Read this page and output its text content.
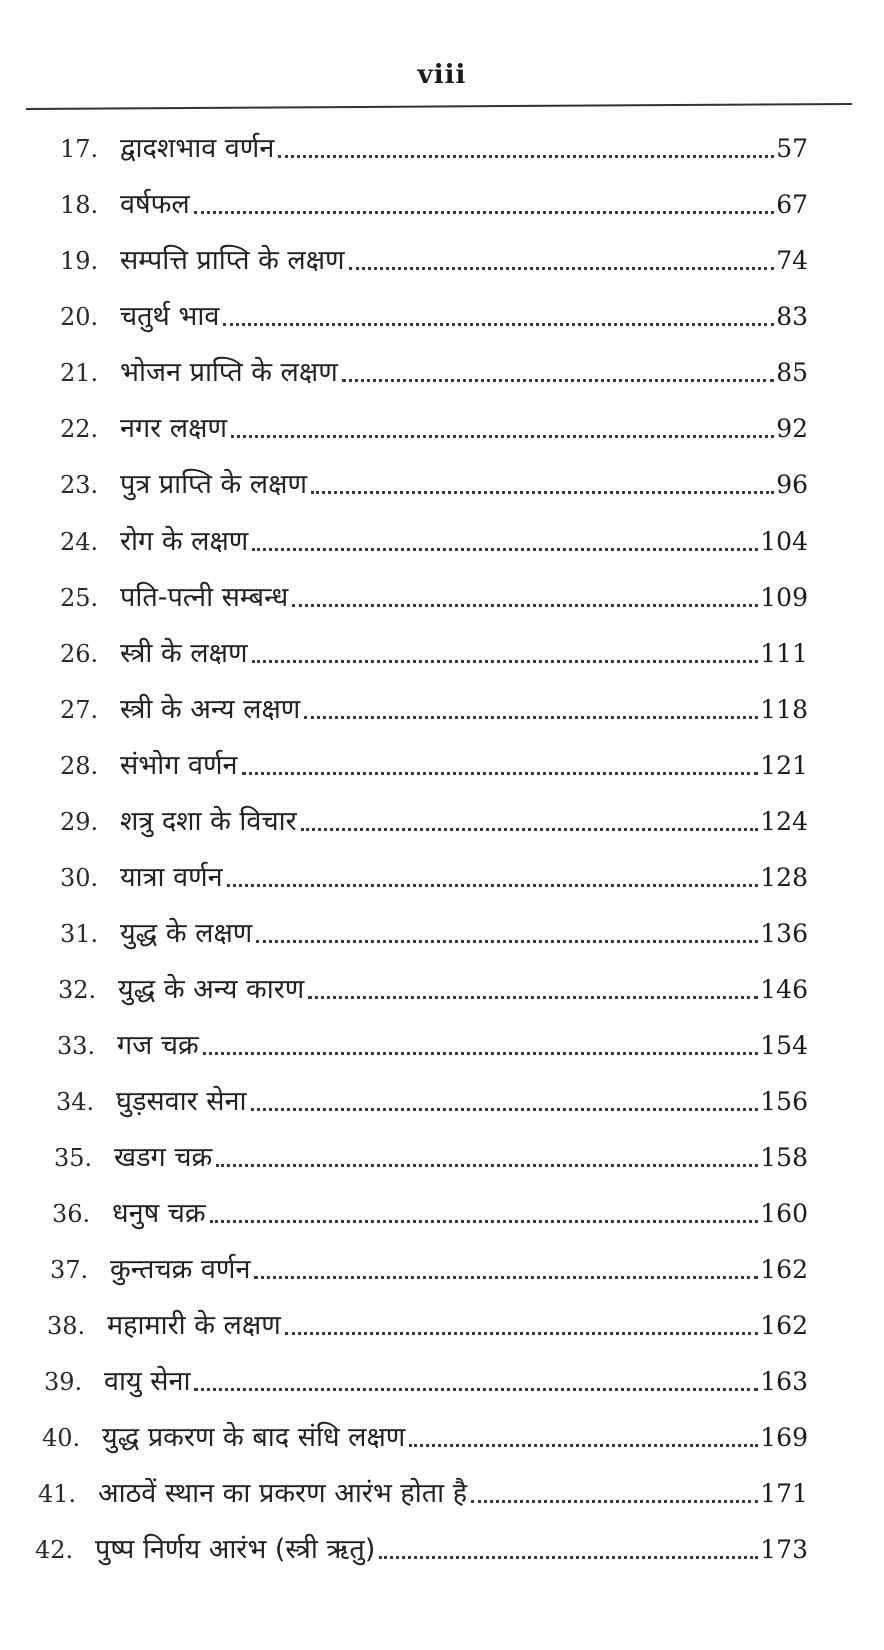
viii
17. द्वादशभाव वर्णन	57
18. वर्षफल	67
19. सम्पत्ति प्राप्ति के लक्षण	74
20. चतुर्थ भाव	83
21. भोजन प्राप्ति के लक्षण	85
22. नगर लक्षण	92
23. पुत्र प्राप्ति के लक्षण	96
24. रोग के लक्षण	104
25. पति-पत्नी सम्बन्ध	109
26. स्त्री के लक्षण	111
27. स्त्री के अन्य लक्षण	118
28. संभोग वर्णन	121
29. शत्रु दशा के विचार	124
30. यात्रा वर्णन	128
31. युद्ध के लक्षण	136
32. युद्ध के अन्य कारण	146
33. गज चक्र	154
34. घुड़सवार सेना	156
35. खडग चक्र	158
36. धनुष चक्र	160
37. कुन्तचक्र वर्णन	162
38. महामारी के लक्षण	162
39. वायु सेना	163
40. युद्ध प्रकरण के बाद संधि लक्षण	169
41. आठवें स्थान का प्रकरण आरंभ होता है	171
42. पुष्प निर्णय आरंभ (स्त्री ऋतु)	173
